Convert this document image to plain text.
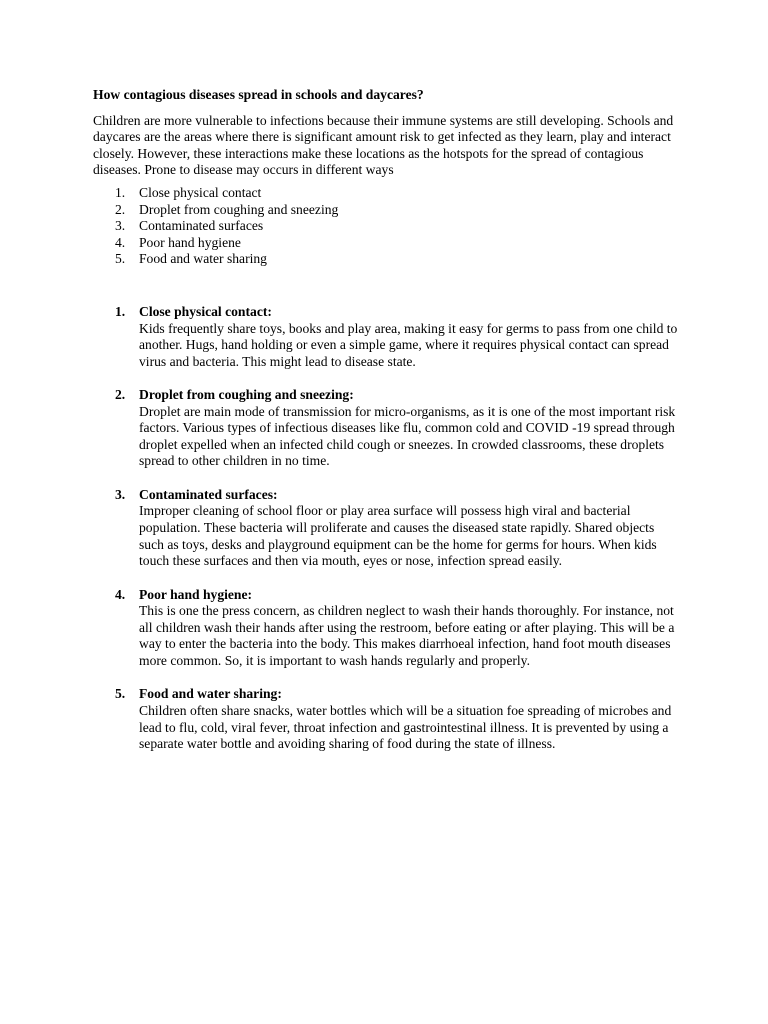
How contagious diseases spread in schools and daycares?

Children are more vulnerable to infections because their immune systems are still developing. Schools and daycares are the areas where there is significant amount risk to get infected as they learn, play and interact closely. However, these interactions make these locations as the hotspots for the spread of contagious diseases. Prone to disease may occurs in different ways

1. Close physical contact
2. Droplet from coughing and sneezing
3. Contaminated surfaces
4. Poor hand hygiene
5. Food and water sharing
1. Close physical contact:
Kids frequently share toys, books and play area, making it easy for germs to pass from one child to another. Hugs, hand holding or even a simple game, where it requires physical contact can spread virus and bacteria. This might lead to disease state.
2. Droplet from coughing and sneezing:
Droplet are main mode of transmission for micro-organisms, as it is one of the most important risk factors. Various types of infectious diseases like flu, common cold and COVID -19 spread through droplet expelled when an infected child cough or sneezes. In crowded classrooms, these droplets spread to other children in no time.
3. Contaminated surfaces:
Improper cleaning of school floor or play area surface will possess high viral and bacterial population. These bacteria will proliferate and causes the diseased state rapidly. Shared objects such as toys, desks and playground equipment can be the home for germs for hours. When kids touch these surfaces and then via mouth, eyes or nose, infection spread easily.
4. Poor hand hygiene:
This is one the press concern, as children neglect to wash their hands thoroughly. For instance, not all children wash their hands after using the restroom, before eating or after playing. This will be a way to enter the bacteria into the body. This makes diarrhoeal infection, hand foot mouth diseases more common. So, it is important to wash hands regularly and properly.
5. Food and water sharing:
Children often share snacks, water bottles which will be a situation foe spreading of microbes and lead to flu, cold, viral fever, throat infection and gastrointestinal illness. It is prevented by using a separate water bottle and avoiding sharing of food during the state of illness.
